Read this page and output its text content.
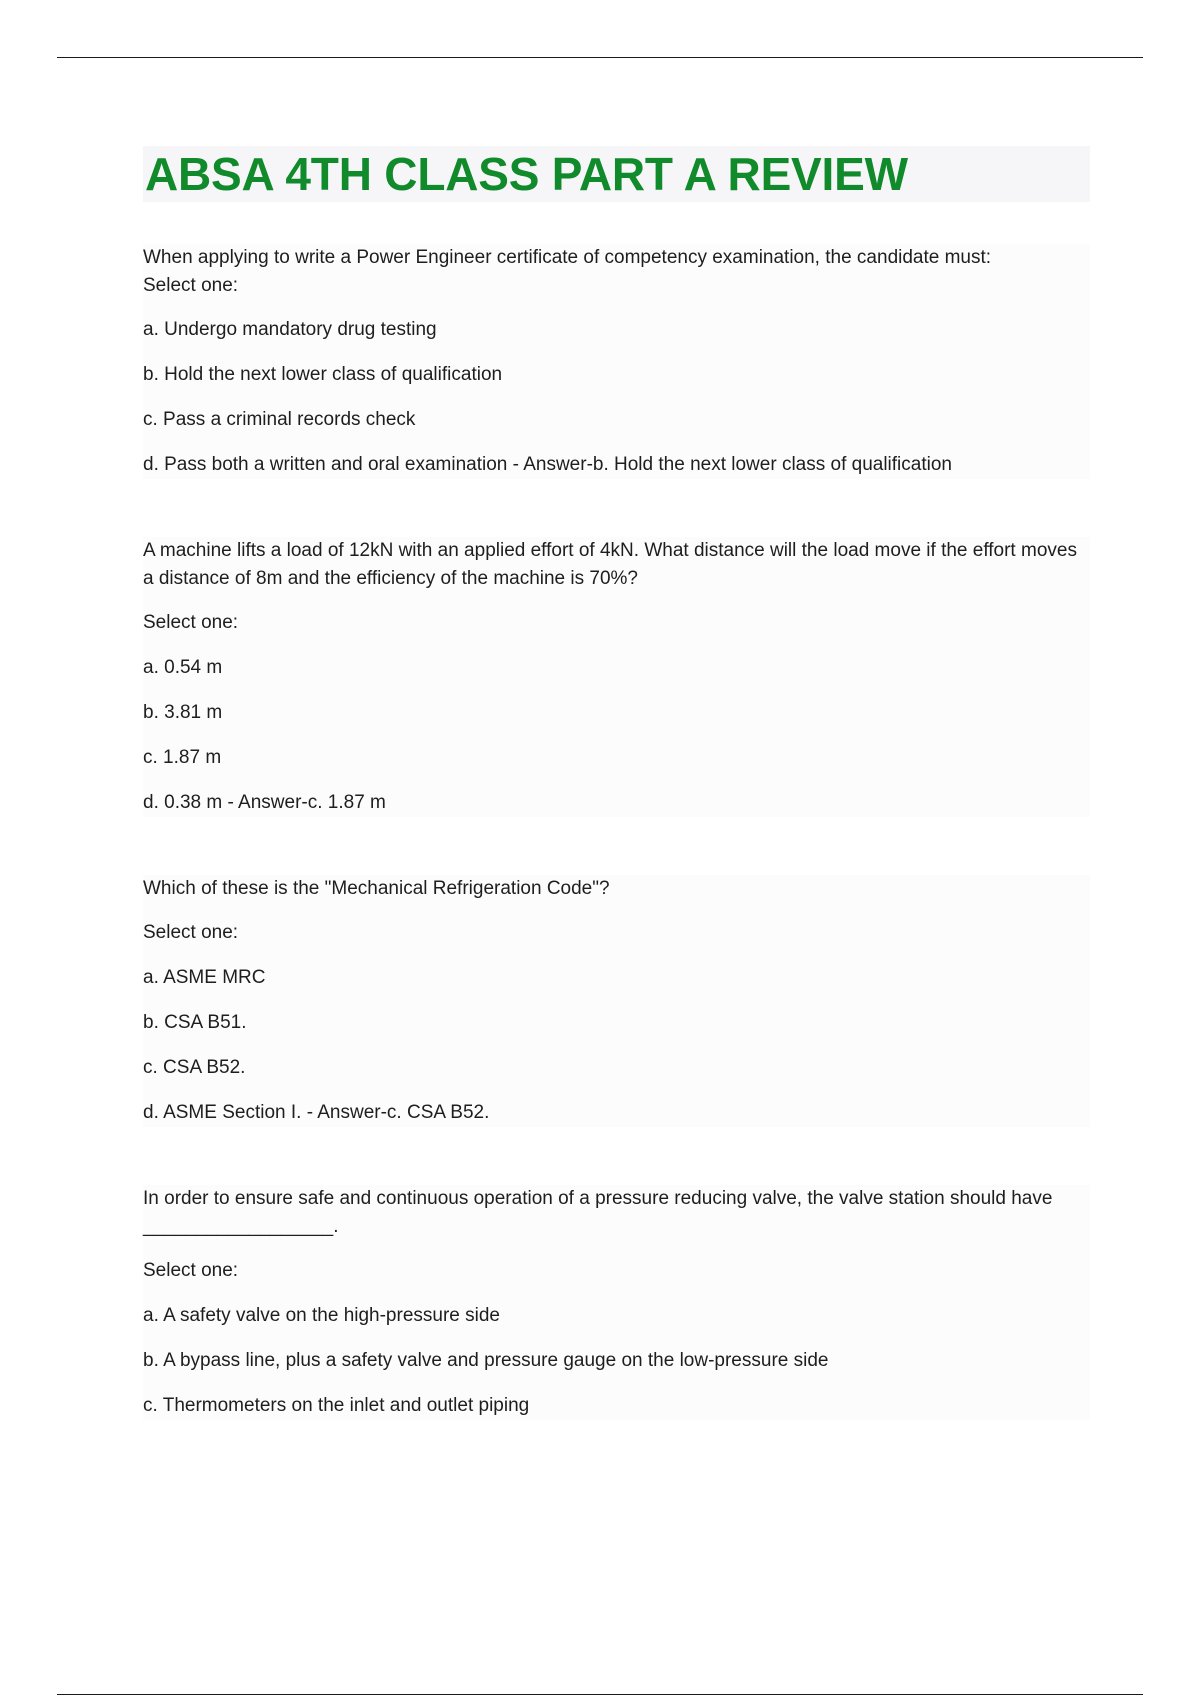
ABSA 4TH CLASS PART A REVIEW

When applying to write a Power Engineer certificate of competency examination, the candidate must:

Select one:

a. Undergo mandatory drug testing

b. Hold the next lower class of qualification

c. Pass a criminal records check

d. Pass both a written and oral examination - Answer-b. Hold the next lower class of qualification

A machine lifts a load of 12kN with an applied effort of 4kN. What distance will the load move if the effort moves a distance of 8m and the efficiency of the machine is 70%?

Select one:

a. 0.54 m

b. 3.81 m

c. 1.87 m

d. 0.38 m - Answer-c. 1.87 m

Which of these is the "Mechanical Refrigeration Code"?

Select one:

a. ASME MRC

b. CSA B51.

c. CSA B52.

d. ASME Section I. - Answer-c. CSA B52.

In order to ensure safe and continuous operation of a pressure reducing valve, the valve station should have __________________.

Select one:

a. A safety valve on the high-pressure side

b. A bypass line, plus a safety valve and pressure gauge on the low-pressure side

c. Thermometers on the inlet and outlet piping
